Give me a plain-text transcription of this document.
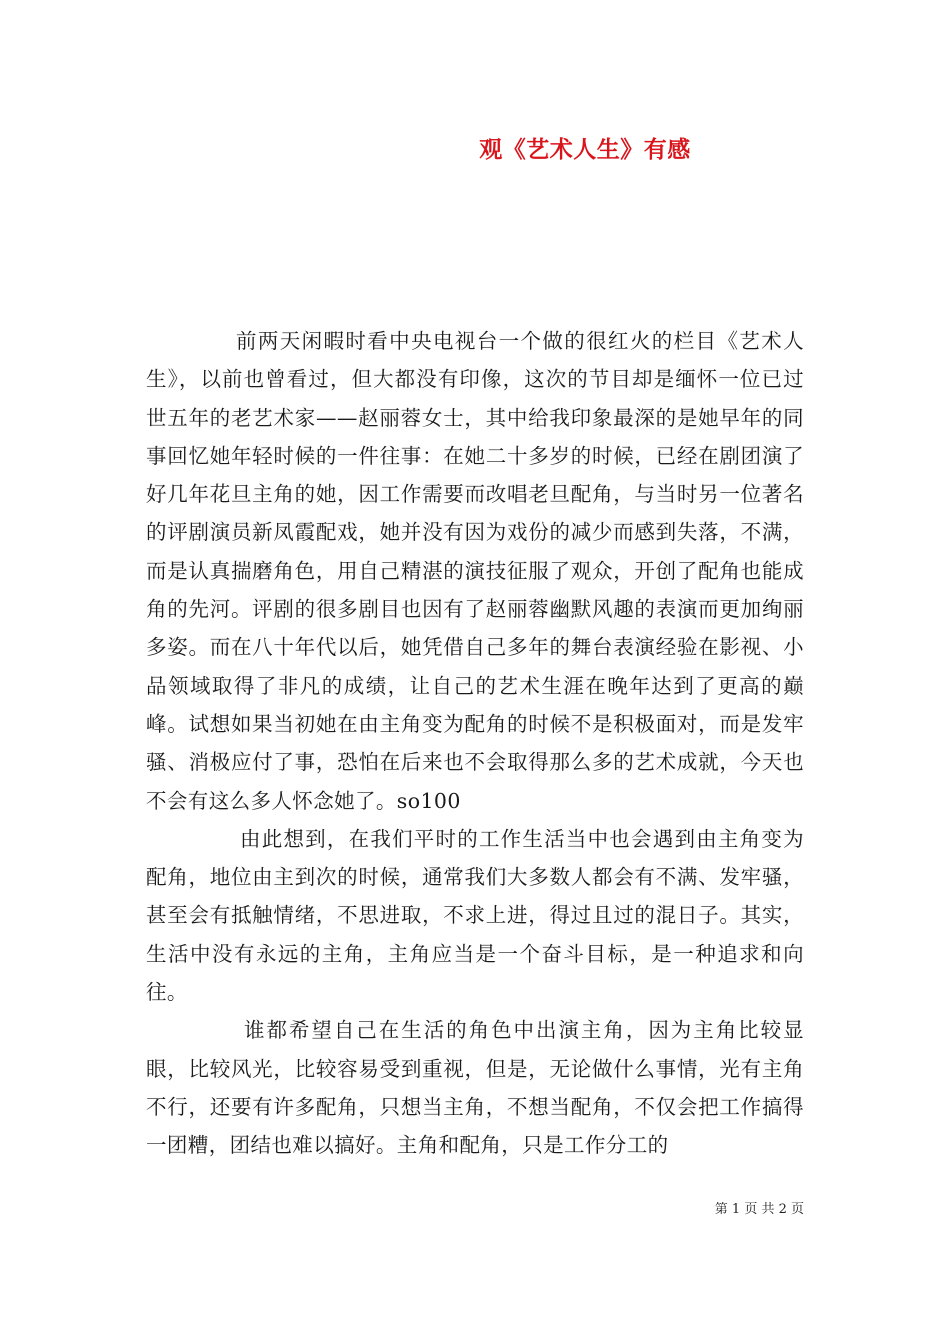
观《艺术人生》有感

前两天闲暇时看中央电视台一个做的很红火的栏目《艺术人生》，以前也曾看过，但大都没有印像，这次的节目却是缅怀一位已过世五年的老艺术家——赵丽蓉女士，其中给我印象最深的是她早年的同事回忆她年轻时候的一件往事：在她二十多岁的时候，已经在剧团演了好几年花旦主角的她，因工作需要而改唱老旦配角，与当时另一位著名的评剧演员新凤霞配戏，她并没有因为戏份的减少而感到失落，不满，而是认真揣磨角色，用自己精湛的演技征服了观众，开创了配角也能成角的先河。评剧的很多剧目也因有了赵丽蓉幽默风趣的表演而更加绚丽多姿。而在八十年代以后，她凭借自己多年的舞台表演经验在影视、小品领域取得了非凡的成绩，让自己的艺术生涯在晚年达到了更高的巅峰。试想如果当初她在由主角变为配角的时候不是积极面对，而是发牢骚、消极应付了事，恐怕在后来也不会取得那么多的艺术成就，今天也不会有这么多人怀念她了。so100

由此想到，在我们平时的工作生活当中也会遇到由主角变为配角，地位由主到次的时候，通常我们大多数人都会有不满、发牢骚，甚至会有抵触情绪，不思进取，不求上进，得过且过的混日子。其实，生活中没有永远的主角，主角应当是一个奋斗目标，是一种追求和向往。

谁都希望自己在生活的角色中出演主角，因为主角比较显眼，比较风光，比较容易受到重视，但是，无论做什么事情，光有主角不行，还要有许多配角，只想当主角，不想当配角，不仅会把工作搞得一团糟，团结也难以搞好。主角和配角，只是工作分工的

第 1 页 共 2 页
